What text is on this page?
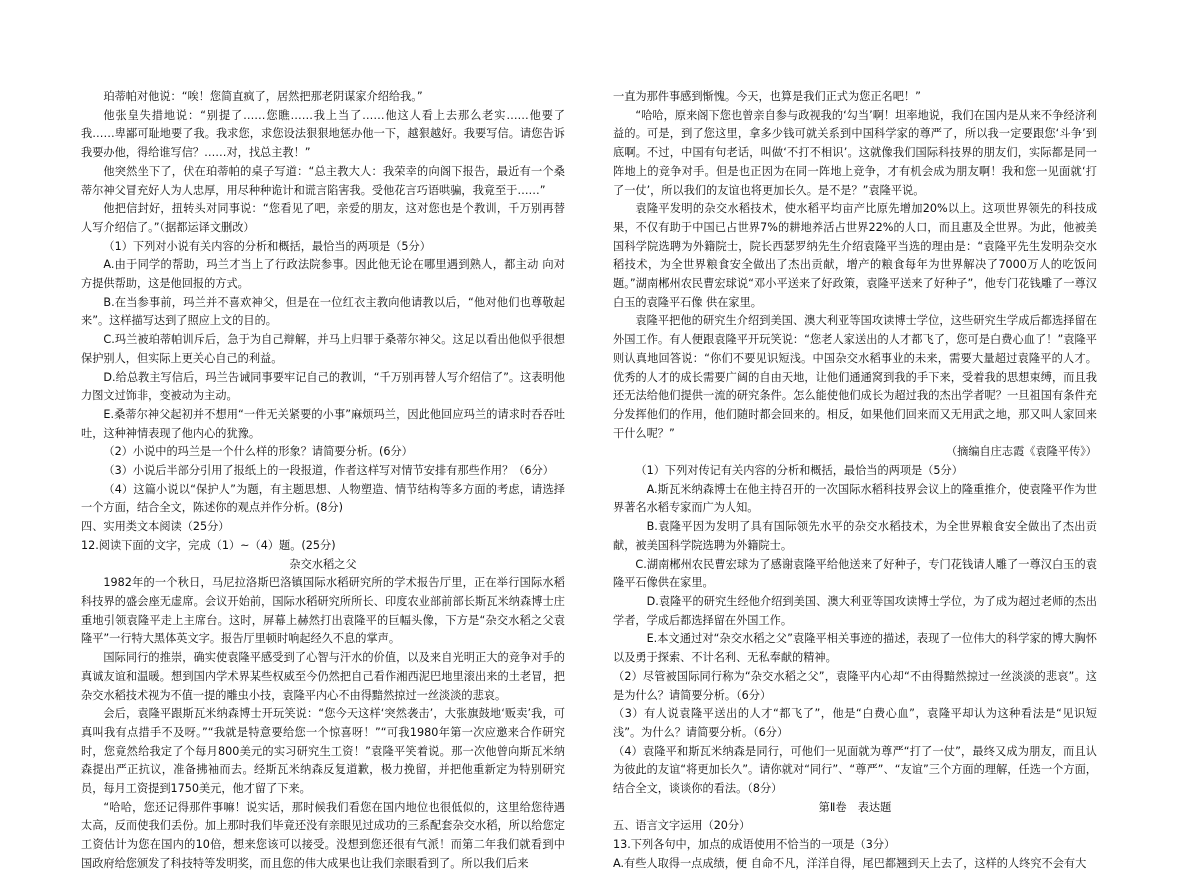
珀蒂帕对他说：“唉！您简直疯了，居然把那老阴谋家介绍给我。”

他张皇失措地说：“别提了……您瞧……我上当了……他这人看上去那么老实……他要了我……卑鄙可耻地要了我。我求您，求您设法狠狠地惩办他一下，越狠越好。我要写信。请您告诉我要办他，得给谁写信？……对，找总主教！”

他突然坐下了，伏在珀蒂帕的桌子写道：“总主教大人：我荣幸的向阁下报告，最近有一个桑蒂尔神父冒充好人为人忠厚，用尽种种诡计和谎言陷害我。受他花言巧语哄骗，我竟至于……”

他把信封好，扭转头对同事说：“您看见了吧，亲爱的朋友，这对您也是个教训，千万别再替人写介绍信了。”（据都运译文删改）

（1）下列对小说有关内容的分析和概括，最恰当的两项是（5分）

A.由于同学的帮助，玛兰才当上了行政法院参事。因此他无论在哪里遇到熟人，都主动 向对方提供帮助，这是他回报的方式。

B.在当参事前，玛兰并不喜欢神父，但是在一位红衣主教向他请教以后，“他对他们也尊敬起来”。这样描写达到了照应上文的目的。

C.玛兰被珀蒂帕训斥后，急于为自己辩解，并马上归罪于桑蒂尔神父。这足以看出他似乎很想保护别人，但实际上更关心自己的利益。

D.给总教主写信后，玛兰告诫同事要牢记自己的教训，“千万别再替人写介绍信了”。这表明他力图文过饰非，变被动为主动。

E.桑蒂尔神父起初并不想用“一件无关紧要的小事”麻烦玛兰，因此他回应玛兰的请求时吞吞吐吐，这种神情表现了他内心的犹豫。

（2）小说中的玛兰是一个什么样的形象？请简要分析。(6分）

（3）小说后半部分引用了报纸上的一段报道，作者这样写对情节安排有那些作用？（6分）

（4）这篇小说以“保护人”为题，有主题思想、人物塑造、情节结构等多方面的考虑，请选择一个方面，结合全文，陈述你的观点并作分析。(8分)

四、实用类文本阅读（25分）

12.阅读下面的文字，完成（1）~（4）题。(25分)

杂交水稻之父

1982年的一个秋日，马尼拉洛斯巴洛镇国际水稻研究所的学术报告厅里，正在举行国际水稻科技界的盛会座无虚席。会议开始前，国际水稻研究所所长、印度农业部前部长斯瓦米纳森博士庄重地引领袁隆平走上主席台。这时，屏幕上赫然打出袁隆平的巨幅头像，下方是“杂交水稻之父袁隆平”一行特大黑体英文字。报告厅里顿时响起经久不息的掌声。

国际同行的推崇，确实使袁隆平感受到了心智与汗水的价值，以及来自光明正大的竞争对手的真诚友谊和温暖。想到国内学术界某些权威至今仍然把自己看作湘西泥巴地里滚出来的土老冒，把杂交水稻技术视为不值一提的雕虫小技，袁隆平内心不由得黯然掠过一丝淡淡的悲哀。

会后，袁隆平跟斯瓦米纳森博士开玩笑说：“您今天这样‘突然袭击’，大张旗鼓地‘贩卖’我，可真叫我有点措手不及呀。”“我就是特意要给您一个惊喜呀！”“可我1980年第一次应邀来合作研究时，您竟然给我定了个每月800美元的实习研究生工资！”袁隆平笑着说。那一次他曾向斯瓦米纳森提出严正抗议，准备拂袖而去。经斯瓦米纳森反复道歉，极力挽留，并把他重新定为特别研究员，每月工资提到1750美元，他才留了下来。

“哈哈，您还记得那件事嘛！说实话，那时候我们看您在国内地位也很低似的，这里给您待遇太高，反而使我们丢份。加上那时我们毕竟还没有亲眼见过成功的三系配套杂交水稻，所以给您定工资估计为您在国内的10倍，想来您该可以接受。没想到您还很有气派！而第二年我们就看到中国政府给您颁发了科技特等发明奖，而且您的伟大成果也让我们亲眼看到了。所以我们后来

一直为那件事感到惭愧。今天，也算是我们正式为您正名吧！”

“哈哈，原来阁下您也曾亲自参与政视我的‘勾当’啊！坦率地说，我们在国内是从来不争经济利益的。可是，到了您这里，拿多少钱可就关系到中国科学家的尊严了，所以我一定要跟您‘斗争’到底啊。不过，中国有句老话，叫做‘不打不相识’。这就像我们国际科技界的朋友们，实际都是同一阵地上的竞争对手。但是也正因为在同一阵地上竞争，才有机会成为朋友啊！我和您一见面就‘打了一仗’，所以我们的友谊也将更加长久。是不是？”袁隆平说。

袁隆平发明的杂交水稻技术，使水稻平均亩产比原先增加20%以上。这项世界领先的科技成果，不仅有助于中国已占世界7%的耕地养活占世界22%的人口，而且惠及全世界。为此，他被美国科学院选聘为外籍院士，院长西瑟罗纳先生介绍袁隆平当选的理由是：“袁隆平先生发明杂交水稻技术，为全世界粮食安全做出了杰出贡献，增产的粮食每年为世界解决了7000万人的吃饭问题。”湖南郴州农民曹宏球说“邓小平送来了好政策，袁隆平送来了好种子”，他专门花钱雕了一尊汉白玉的袁隆平石像 供在家里。

袁隆平把他的研究生介绍到美国、澳大利亚等国攻读博士学位，这些研究生学成后都选择留在外国工作。有人便跟袁隆平开玩笑说：“您老人家送出的人才都飞了，您可是白费心血了！”袁隆平则认真地回答说：“你们不要见识短浅。中国杂交水稻事业的未来，需要大量超过袁隆平的人才。优秀的人才的成长需要广阔的自由天地，让他们通通窝到我的手下来，受着我的思想束缚，而且我还无法给他们提供一流的研究条件。怎么能使他们成长为超过我的杰出学者呢？一旦祖国有条件充分发挥他们的作用，他们随时都会回来的。相反，如果他们回来而又无用武之地，那又叫人家回来干什么呢？”

（摘编自庄志霞《袁隆平传》）

（1）下列对传记有关内容的分析和概括，最恰当的两项是（5分）

A.斯瓦米纳森博士在他主持召开的一次国际水稻科技界会议上的隆重推介，使袁隆平作为世界著名水稻专家而广为人知。

B.袁隆平因为发明了具有国际领先水平的杂交水稻技术，为全世界粮食安全做出了杰出贡献，被美国科学院选聘为外籍院士。

C.湖南郴州农民曹宏球为了感谢袁隆平给他送来了好种子，专门花钱请人雕了一尊汉白玉的袁隆平石像供在家里。

D.袁隆平的研究生经他介绍到美国、澳大利亚等国攻读博士学位，为了成为超过老师的杰出学者，学成后都选择留在外国工作。

E.本文通过对“杂交水稻之父”袁隆平相关事迹的描述，表现了一位伟大的科学家的博大胸怀以及勇于探索、不计名利、无私奉献的精神。

（2）尽管被国际同行称为“杂交水稻之父”，袁隆平内心却“不由得黯然掠过一丝淡淡的悲哀”。这是为什么？请简要分析。（6分）

（3）有人说袁隆平送出的人才“都飞了”，他是“白费心血”，袁隆平却认为这种看法是“见识短浅”。为什么？请简要分析。（6分）

（4）袁隆平和斯瓦米纳森是同行，可他们一见面就为尊严“打了一仗”，最终又成为朋友，而且认为彼此的友谊“将更加长久”。请你就对“同行”、“尊严”、“友谊”三个方面的理解，任选一个方面，结合全文，谈谈你的看法。（8分）

第Ⅱ卷　表达题

五、语言文字运用（20分）

13.下列各句中，加点的成语使用不恰当的一项是（3分）

A.有些人取得一点成绩，便 自命不凡，洋洋自得，尾巴都翘到天上去了，这样的人终究不会有大
